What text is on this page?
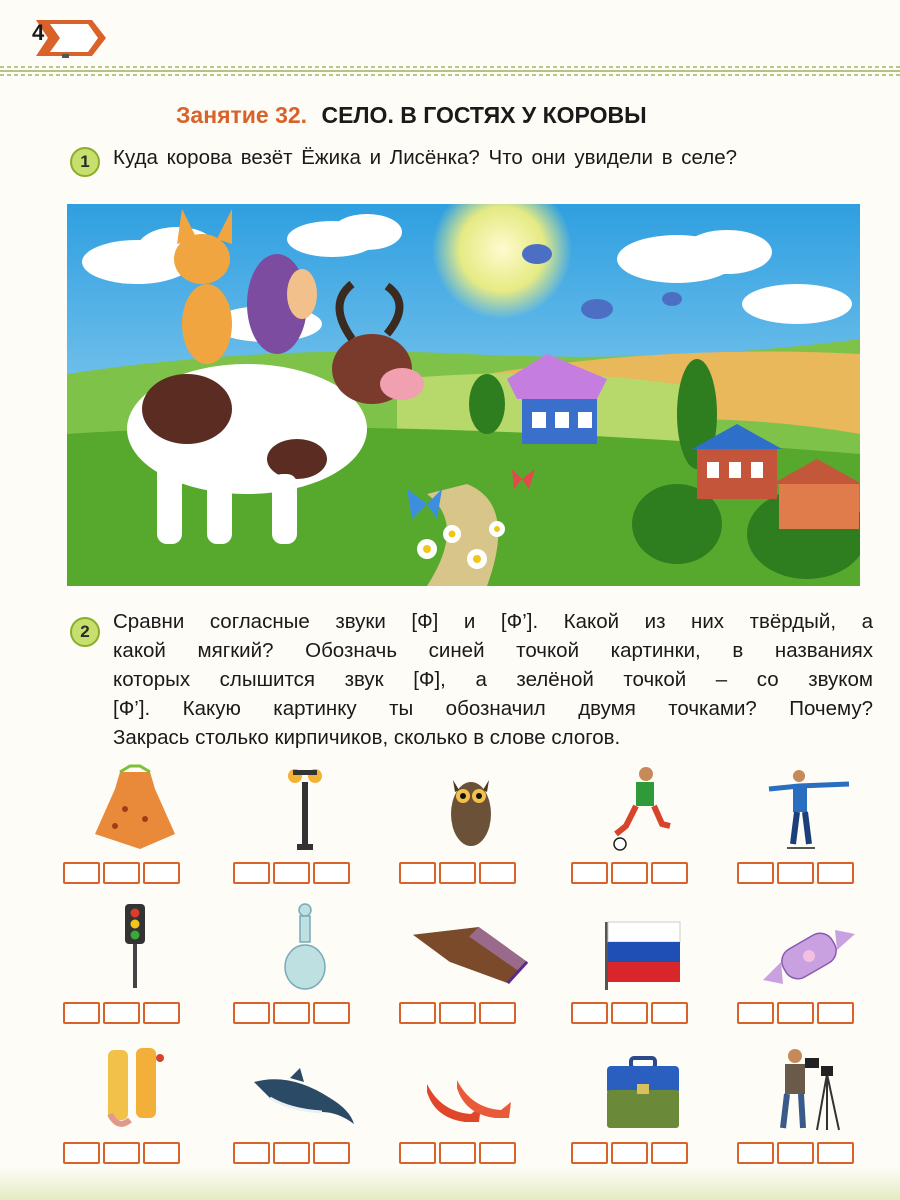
4
Занятие 32. СЕЛО. В ГОСТЯХ У КОРОВЫ
1	Куда корова везёт Ёжика и Лисёнка? Что они увидели в селе?
2	Сравни согласные звуки [Ф] и [Ф’]. Какой из них твёрдый, а
какой мягкий? Обозначь синей точкой картинки, в названиях
которых слышится звук [Ф], а зелёной точкой – со звуком
[Ф’]. Какую картинку ты обозначил двумя точками? Почему?
Закрась столько кирпичиков, сколько в слове слогов.
